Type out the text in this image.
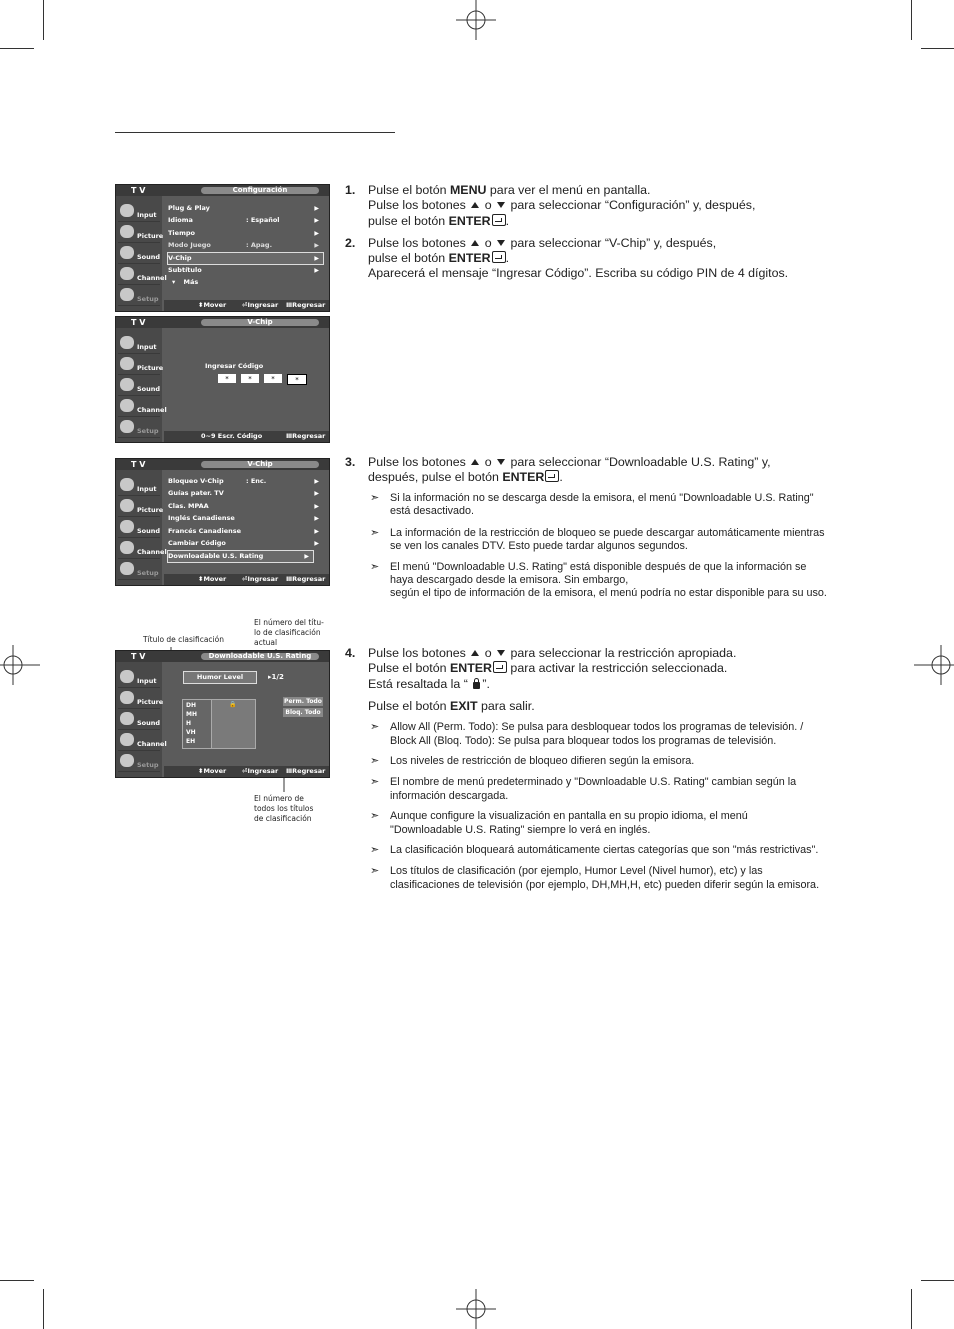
T V	Configuración
Input
Picture
Sound
Channel
Setup
Plug & Play	▶
Idioma	: Español	▶
Tiempo	▶
Modo Juego	: Apag.	▶
V-Chip	▶
Subtítulo	▶
▾ Más
⬍Mover ⏎Ingresar ⅢRegresar
T V	V-Chip
Input
Picture
Sound
Channel
Setup
Ingresar Código
*	*	*	*
0~9 Escr. Código	ⅢRegresar
T V	V-Chip
Input
Picture
Sound
Channel
Setup
Bloqueo V-Chip	: Enc.	▶
Guías pater. TV	▶
Clas. MPAA	▶
Inglés Canadiense	▶
Francés Canadiense	▶
Cambiar Código	▶
Downloadable U.S. Rating	▶
⬍Mover ⏎Ingresar ⅢRegresar
Título de clasificación
El número del títu-
lo de clasificación
actual
El número de
todos los títulos
de clasificación
T V	Downloadable U.S. Rating
Input
Picture
Sound
Channel
Setup
Humor Level	▸1/2
DH	🔒
MH
H
VH
EH
Perm. Todo
Bloq. Todo
⬍Mover ⏎Ingresar ⅢRegresar
1. Pulse el botón MENU para ver el menú en pantalla.
Pulse los botones  o  para seleccionar “Configuración” y, después,
pulse el botón ENTER .
2. Pulse los botones  o  para seleccionar “V-Chip” y, después,
pulse el botón ENTER .
Aparecerá el mensaje “Ingresar Código”. Escriba su código PIN de 4 dígitos.
3. Pulse los botones  o  para seleccionar “Downloadable U.S. Rating” y,
después, pulse el botón ENTER .
➣ Si la información no se descarga desde la emisora, el menú "Downloadable U.S. Rating"
está desactivado.
➣ La información de la restricción de bloqueo se puede descargar automáticamente mientras
se ven los canales DTV. Esto puede tardar algunos segundos.
➣ El menú "Downloadable U.S. Rating" está disponible después de que la información se
haya descargado desde la emisora. Sin embargo,
según el tipo de información de la emisora, el menú podría no estar disponible para su uso.
4. Pulse los botones  o  para seleccionar la restricción apropiada.
Pulse el botón ENTER para activar la restricción seleccionada.
Está resaltada la “ ”.
Pulse el botón EXIT para salir.
➣ Allow All (Perm. Todo): Se pulsa para desbloquear todos los programas de televisión. /
Block All (Bloq. Todo): Se pulsa para bloquear todos los programas de televisión.
➣ Los niveles de restricción de bloqueo difieren según la emisora.
➣ El nombre de menú predeterminado y "Downloadable U.S. Rating" cambian según la
información descargada.
➣ Aunque configure la visualización en pantalla en su propio idioma, el menú
"Downloadable U.S. Rating" siempre lo verá en inglés.
➣ La clasificación bloqueará automáticamente ciertas categorías que son "más restrictivas".
➣ Los títulos de clasificación (por ejemplo, Humor Level (Nivel humor), etc) y las
clasificaciones de televisión (por ejemplo, DH,MH,H, etc) pueden diferir según la emisora.
